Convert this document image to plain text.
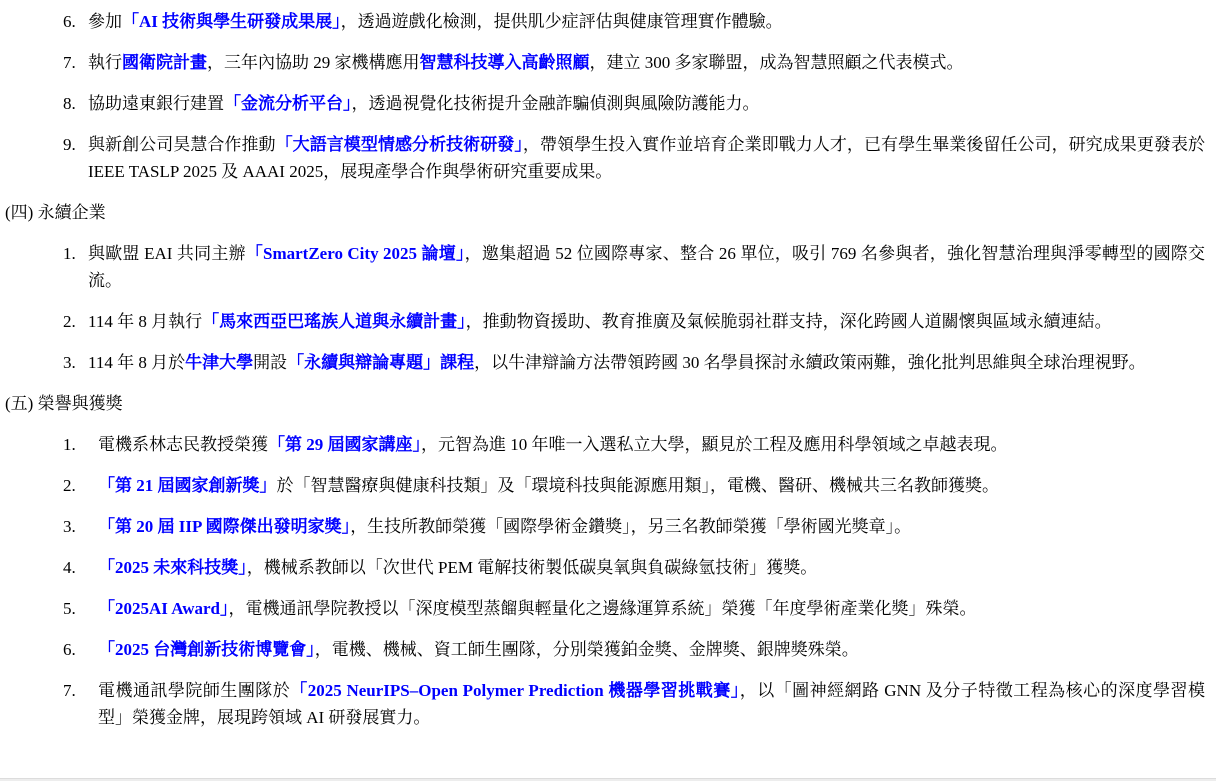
6. 參加「AI 技術與學生研發成果展」，透過遊戲化檢測，提供肌少症評估與健康管理實作體驗。
7. 執行國衛院計畫，三年內協助 29 家機構應用智慧科技導入高齡照顧，建立 300 多家聯盟，成為智慧照顧之代表模式。
8. 協助遠東銀行建置「金流分析平台」，透過視覺化技術提升金融詐騙偵測與風險防護能力。
9. 與新創公司昊慧合作推動「大語言模型情感分析技術研發」，帶領學生投入實作並培育企業即戰力人才，已有學生畢業後留任公司，研究成果更發表於 IEEE TASLP 2025 及 AAAI 2025，展現產學合作與學術研究重要成果。
(四) 永續企業
1. 與歐盟 EAI 共同主辦「SmartZero City 2025 論壇」，邀集超過 52 位國際專家、整合 26 單位，吸引 769 名參與者，強化智慧治理與淨零轉型的國際交流。
2. 114 年 8 月執行「馬來西亞巴瑤族人道與永續計畫」，推動物資援助、教育推廣及氣候脆弱社群支持，深化跨國人道關懷與區域永續連結。
3. 114 年 8 月於牛津大學開設「永續與辯論專題」課程，以牛津辯論方法帶領跨國 30 名學員探討永續政策兩難，強化批判思維與全球治理視野。
(五) 榮譽與獲獎
1.	電機系林志民教授榮獲「第 29 屆國家講座」，元智為進 10 年唯一入選私立大學，顯見於工程及應用科學領域之卓越表現。
2.	「第 21 屆國家創新獎」於「智慧醫療與健康科技類」及「環境科技與能源應用類」，電機、醫研、機械共三名教師獲獎。
3.	「第 20 屆 IIP 國際傑出發明家獎」，生技所教師榮獲「國際學術金鑽獎」，另三名教師榮獲「學術國光獎章」。
4.	「2025 未來科技獎」，機械系教師以「次世代 PEM 電解技術製低碳臭氧與負碳綠氫技術」獲獎。
5.	「2025AI Award」，電機通訊學院教授以「深度模型蒸餾與輕量化之邊緣運算系統」榮獲「年度學術產業化獎」殊榮。
6.	「2025 台灣創新技術博覽會」，電機、機械、資工師生團隊，分別榮獲鉑金獎、金牌獎、銀牌獎殊榮。
7.	電機通訊學院師生團隊於「2025 NeurIPS–Open Polymer Prediction 機器學習挑戰賽」，以「圖神經網路 GNN 及分子特徵工程為核心的深度學習模型」榮獲金牌，展現跨領域 AI 研發展實力。
